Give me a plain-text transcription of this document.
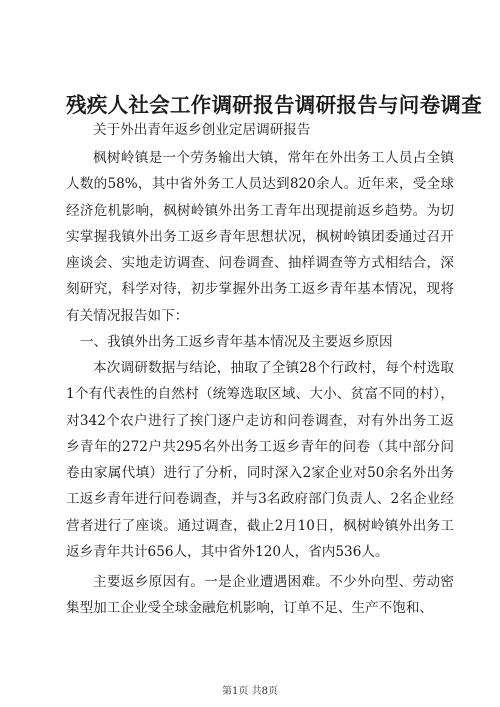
残疾人社会工作调研报告调研报告与问卷调查
关于外出青年返乡创业定居调研报告

枫树岭镇是一个劳务输出大镇，常年在外出务工人员占全镇人数的58%，其中省外务工人员达到820余人。近年来，受全球经济危机影响，枫树岭镇外出务工青年出现提前返乡趋势。为切实掌握我镇外出务工返乡青年思想状况，枫树岭镇团委通过召开座谈会、实地走访调查、问卷调查、抽样调查等方式相结合，深刻研究，科学对待，初步掌握外出务工返乡青年基本情况，现将有关情况报告如下：

一、我镇外出务工返乡青年基本情况及主要返乡原因

本次调研数据与结论，抽取了全镇28个行政村，每个村选取1个有代表性的自然村（统筹选取区域、大小、贫富不同的村），对342个农户进行了挨门逐户走访和问卷调查，对有外出务工返乡青年的272户共295名外出务工返乡青年的问卷（其中部分问卷由家属代填）进行了分析，同时深入2家企业对50余名外出务工返乡青年进行问卷调查，并与3名政府部门负责人、2名企业经营者进行了座谈。通过调查，截止2月10日，枫树岭镇外出务工返乡青年共计656人，其中省外120人，省内536人。

主要返乡原因有。一是企业遭遇困难。不少外向型、劳动密集型加工企业受全球金融危机影响，订单不足、生产不饱和、

第1页 共8页
